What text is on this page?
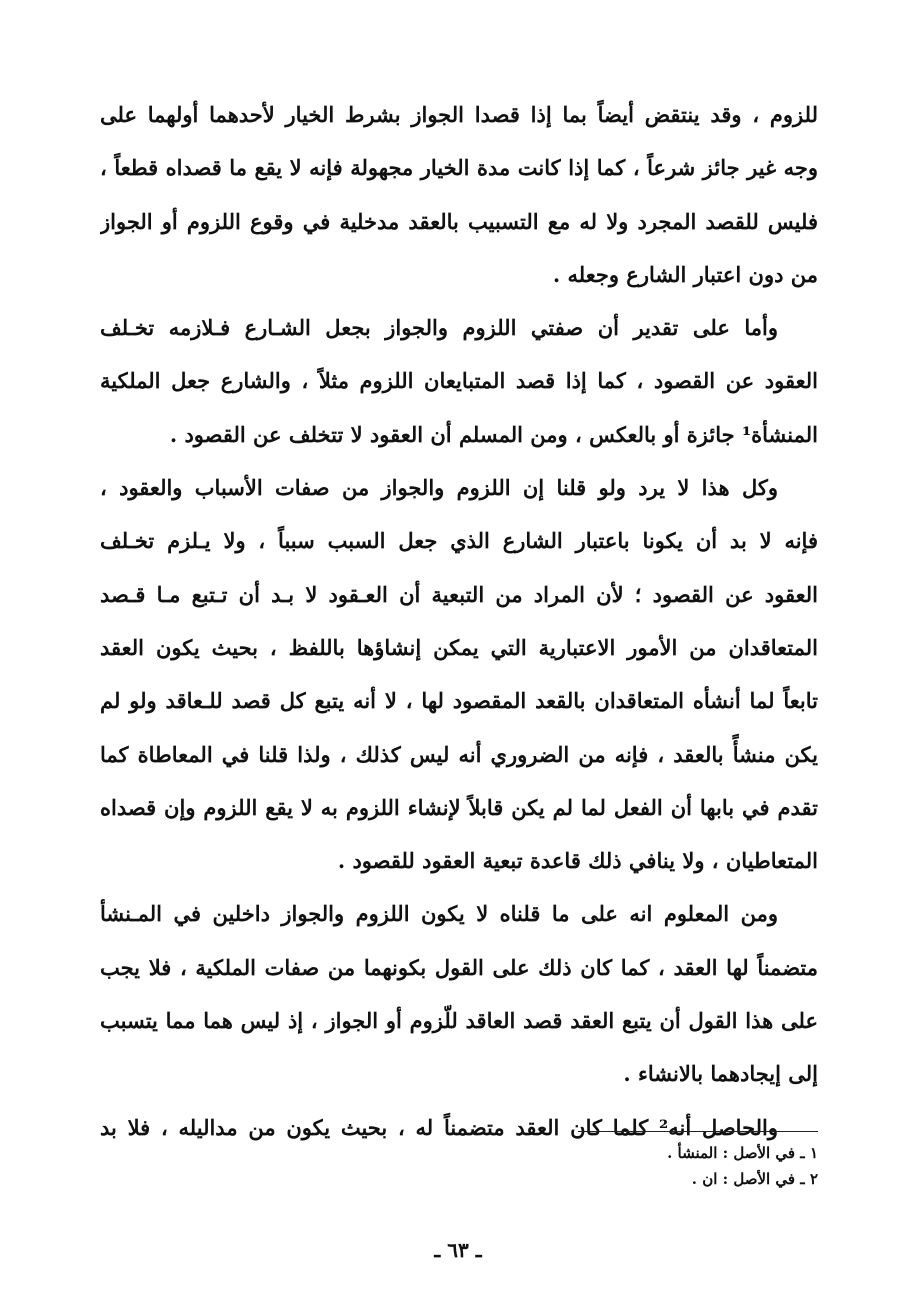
للزوم ، وقد ينتقض أيضاً بما إذا قصدا الجواز بشرط الخيار لأحدهما أولهما على
وجه غير جائز شرعاً ، كما إذا كانت مدة الخيار مجهولة فإنه لا يقع ما قصداه قطعاً ،
فليس للقصد المجرد ولا له مع التسبيب بالعقد مدخلية في وقوع اللزوم أو الجواز
من دون اعتبار الشارع وجعله .
وأما على تقدير أن صفتي اللزوم والجواز بجعل الشـارع فـلازمه تخـلف
العقود عن القصود ، كما إذا قصد المتبايعان اللزوم مثلاً ، والشارع جعل الملكية
المنشأة¹ جائزة أو بالعكس ، ومن المسلم أن العقود لا تتخلف عن القصود .
وكل هذا لا يرد ولو قلنا إن اللزوم والجواز من صفات الأسباب والعقود ،
فإنه لا بد أن يكونا باعتبار الشارع الذي جعل السبب سبباً ، ولا يـلزم تخـلف
العقود عن القصود ؛ لأن المراد من التبعية أن العـقود لا بـد أن تـتبع مـا قـصد
المتعاقدان من الأمور الاعتبارية التي يمكن إنشاؤها باللفظ ، بحيث يكون العقد
تابعاً لما أنشأه المتعاقدان بالقعد المقصود لها ، لا أنه يتبع كل قصد للـعاقد ولو لم
يكن منشأً بالعقد ، فإنه من الضروري أنه ليس كذلك ، ولذا قلنا في المعاطاة كما
تقدم في بابها أن الفعل لما لم يكن قابلاً لإنشاء اللزوم به لا يقع اللزوم وإن قصداه
المتعاطيان ، ولا ينافي ذلك قاعدة تبعية العقود للقصود .
ومن المعلوم انه على ما قلناه لا يكون اللزوم والجواز داخلين في المـنشأ
متضمناً لها العقد ، كما كان ذلك على القول بكونهما من صفات الملكية ، فلا يجب
على هذا القول أن يتبع العقد قصد العاقد للّزوم أو الجواز ، إذ ليس هما مما يتسبب
إلى إيجادهما بالانشاء .
والحاصل أنه² كلما كان العقد متضمناً له ، بحيث يكون من مداليله ، فلا بد
١ ـ في الأصل : المنشأ .
٢ ـ في الأصل : ان .
ـ ٦٣ ـ
